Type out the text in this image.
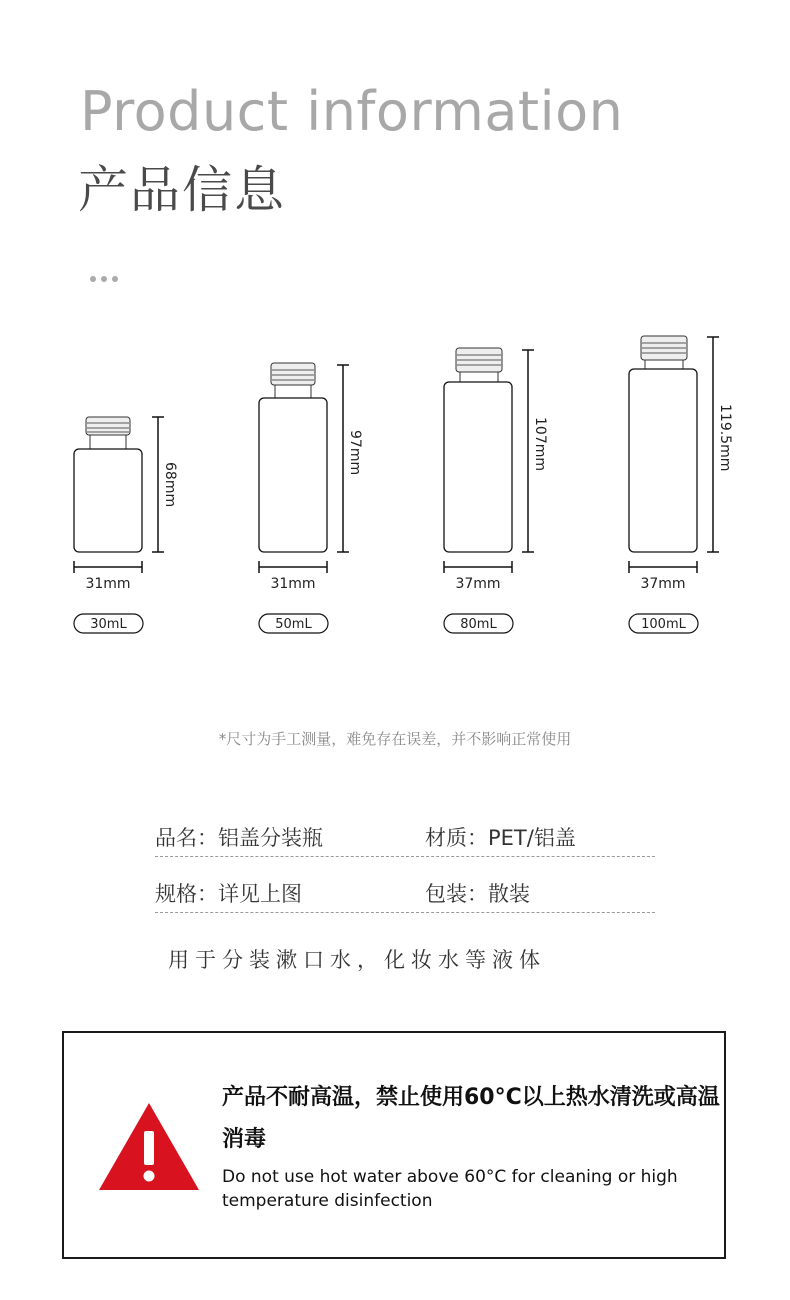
Product information
产品信息
68mm
31mm
30mL
97mm
31mm
50mL
107mm
37mm
80mL
119.5mm
37mm
100mL
*尺寸为手工测量，难免存在误差，并不影响正常使用
品名：铝盖分装瓶	材质：PET/铝盖
规格：详见上图	包装：散装
用于分装漱口水，化妆水等液体
产品不耐高温，禁止使用60°C以上热水清洗或高温消毒
Do not use hot water above 60°C for cleaning or high temperature disinfection
